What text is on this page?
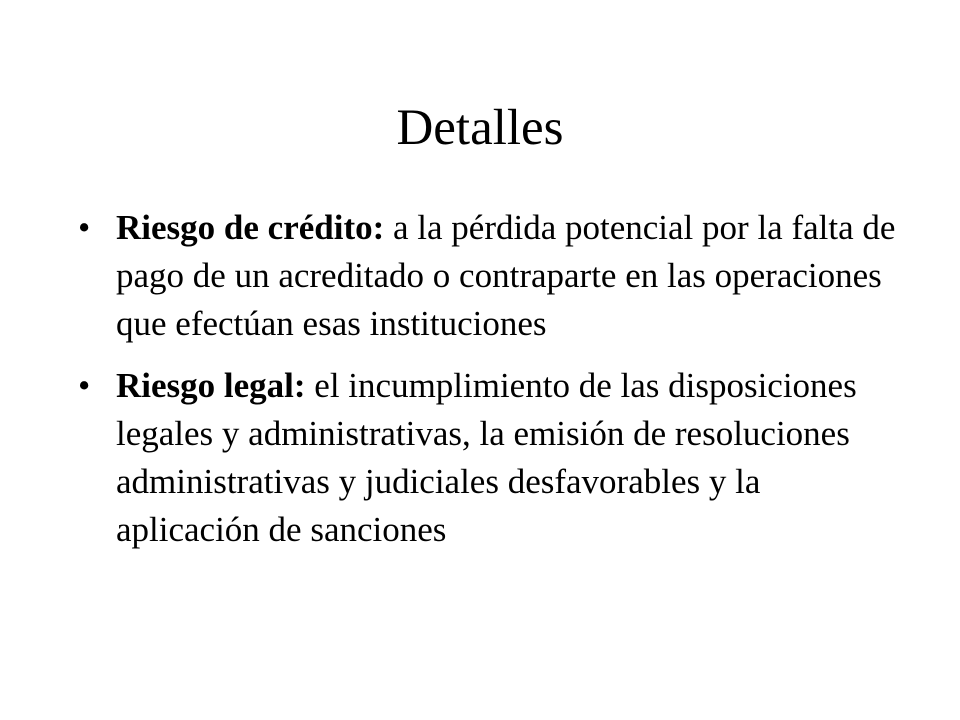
Detalles
• Riesgo de crédito: a la pérdida potencial por la falta de pago de un acreditado o contraparte en las operaciones que efectúan esas instituciones
• Riesgo legal: el incumplimiento de las disposiciones legales y administrativas, la emisión de resoluciones administrativas y judiciales desfavorables y la aplicación de sanciones
